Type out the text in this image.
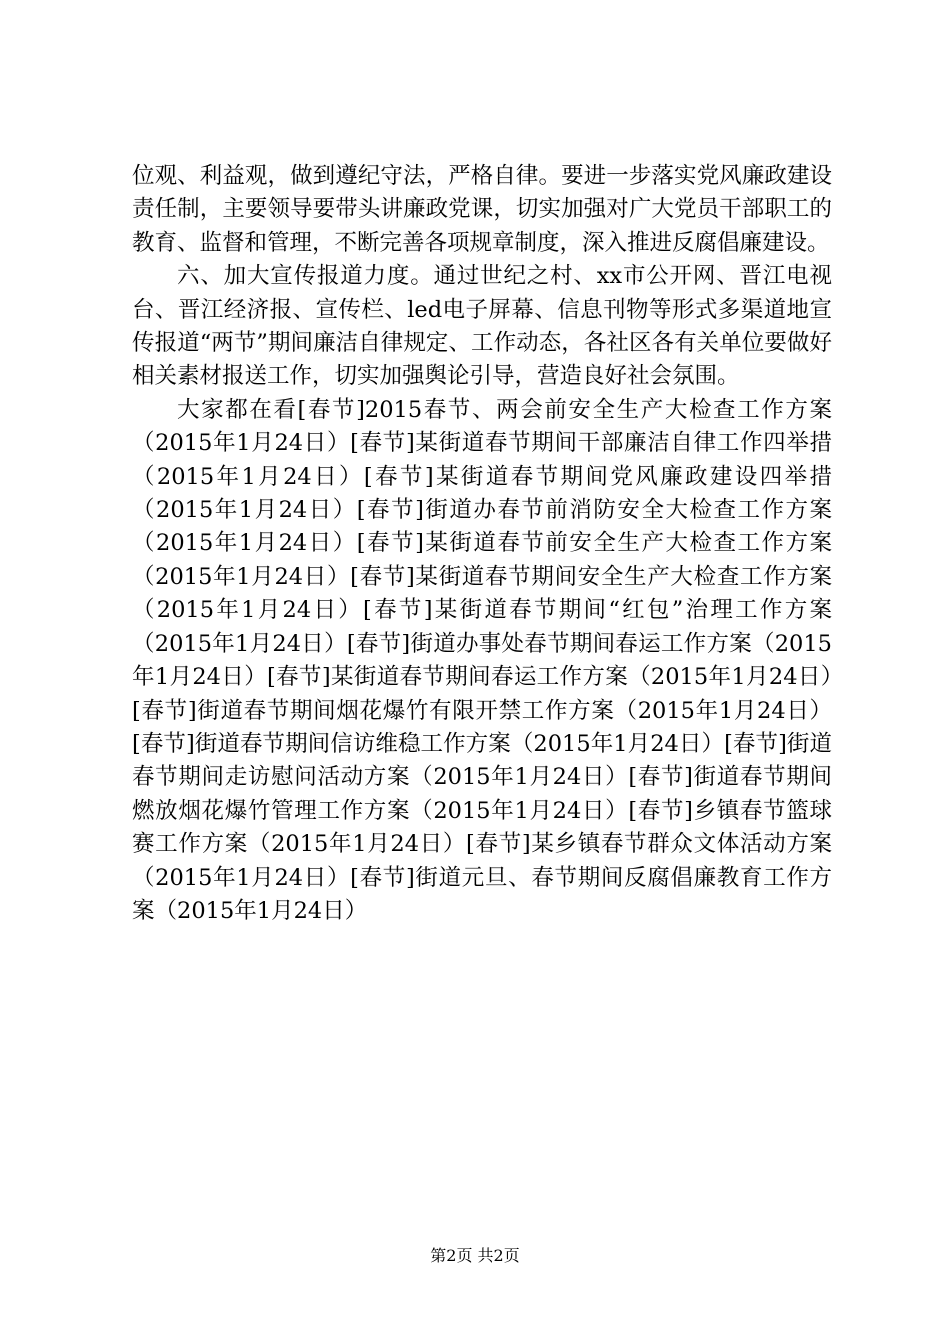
位观、利益观，做到遵纪守法，严格自律。要进一步落实党风廉政建设责任制，主要领导要带头讲廉政党课，切实加强对广大党员干部职工的教育、监督和管理，不断完善各项规章制度，深入推进反腐倡廉建设。

六、加大宣传报道力度。通过世纪之村、xx市公开网、晋江电视台、晋江经济报、宣传栏、led电子屏幕、信息刊物等形式多渠道地宣传报道“两节”期间廉洁自律规定、工作动态，各社区各有关单位要做好相关素材报送工作，切实加强舆论引导，营造良好社会氛围。

大家都在看[春节]2015春节、两会前安全生产大检查工作方案（2015年1月24日）[春节]某街道春节期间干部廉洁自律工作四举措（2015年1月24日）[春节]某街道春节期间党风廉政建设四举措（2015年1月24日）[春节]街道办春节前消防安全大检查工作方案（2015年1月24日）[春节]某街道春节前安全生产大检查工作方案（2015年1月24日）[春节]某街道春节期间安全生产大检查工作方案（2015年1月24日）[春节]某街道春节期间“红包”治理工作方案（2015年1月24日）[春节]街道办事处春节期间春运工作方案（2015年1月24日）[春节]某街道春节期间春运工作方案（2015年1月24日）[春节]街道春节期间烟花爆竹有限开禁工作方案（2015年1月24日）[春节]街道春节期间信访维稳工作方案（2015年1月24日）[春节]街道春节期间走访慰问活动方案（2015年1月24日）[春节]街道春节期间燃放烟花爆竹管理工作方案（2015年1月24日）[春节]乡镇春节篮球赛工作方案（2015年1月24日）[春节]某乡镇春节群众文体活动方案（2015年1月24日）[春节]街道元旦、春节期间反腐倡廉教育工作方案（2015年1月24日）

第2页 共2页
